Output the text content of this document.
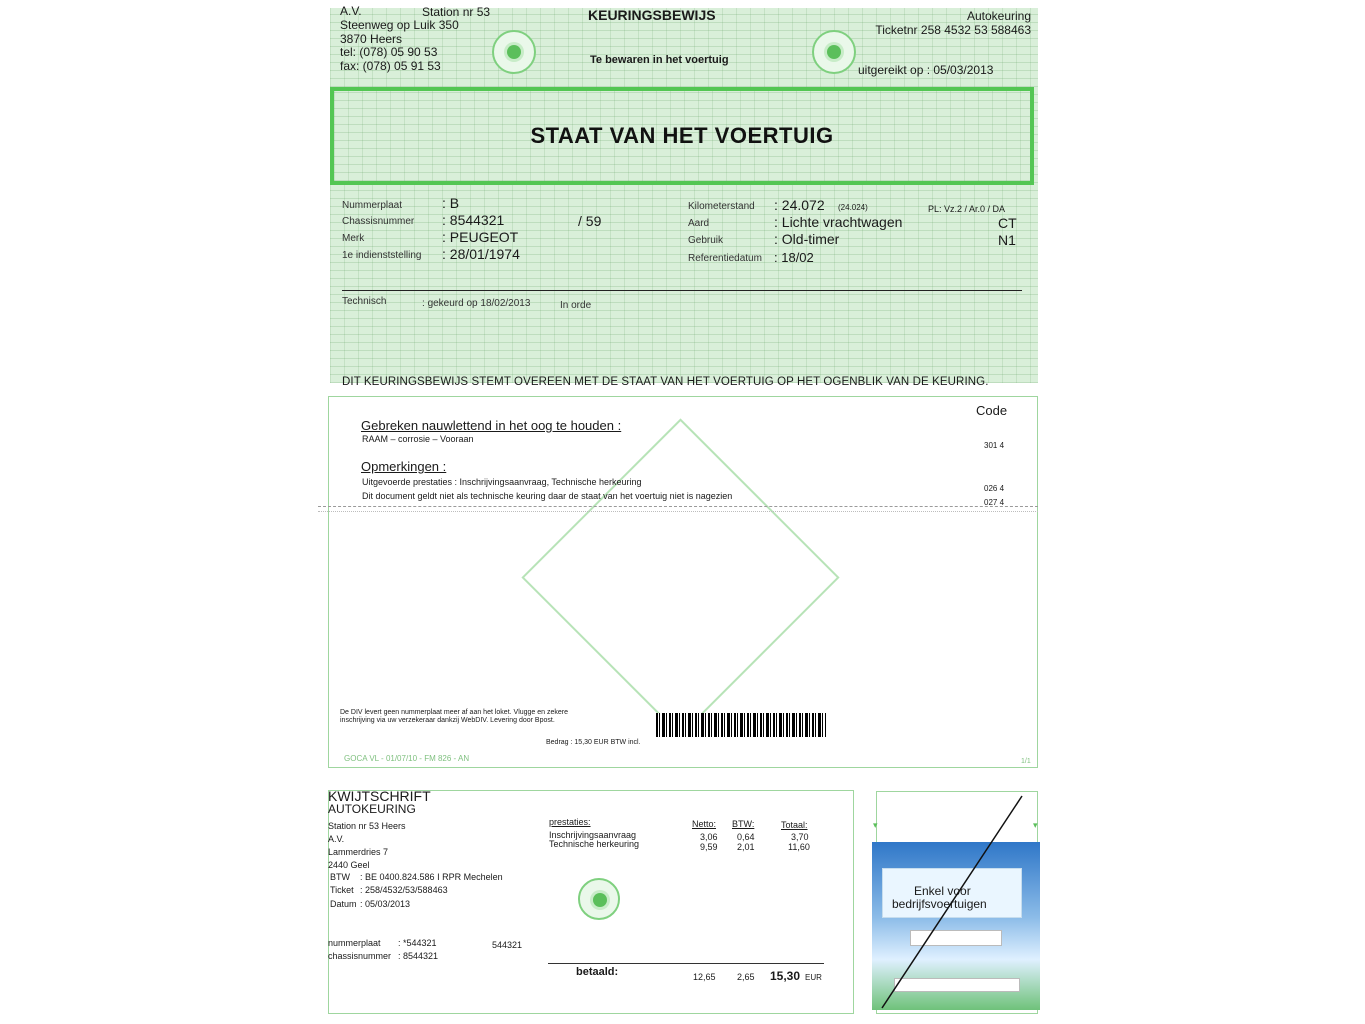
A.V.	Station nr 53
Steenweg op Luik 350
3870 Heers
tel: (078) 05 90 53
fax: (078) 05 91 53
KEURINGSBEWIJS
Te bewaren in het voertuig
Autokeuring
Ticketnr 258 4532 53 588463
uitgereikt op : 05/03/2013
STAAT VAN HET VOERTUIG
Nummerplaat	: B
Chassisnummer : 8544321	/ 59
Merk	: PEUGEOT
1e indienststelling : 28/01/1974
Kilometerstand : 24.072 (24.024)	PL: Vz.2 / Ar.0 / DA
Aard	: Lichte vrachtwagen	CT
Gebruik	: Old-timer	N1
Referentiedatum : 18/02
Technisch	: gekeurd op 18/02/2013	In orde
DIT KEURINGSBEWIJS STEMT OVEREEN MET DE STAAT VAN HET VOERTUIG OP HET OGENBLIK VAN DE KEURING.
Code
Gebreken nauwlettend in het oog te houden :
RAAM – corrosie – Vooraan
301 4
Opmerkingen :
Uitgevoerde prestaties : Inschrijvingsaanvraag, Technische herkeuring
026 4
Dit document geldt niet als technische keuring daar de staat van het voertuig niet is nagezien
027 4
De DIV levert geen nummerplaat meer af aan het loket. Vlugge en zekere
inschrijving via uw verzekeraar dankzij WebDIV. Levering door Bpost.
Bedrag : 15,30 EUR BTW incl.
GOCA VL - 01/07/10 - FM 826 - AN	1/1
KWIJTSCHRIFT
AUTOKEURING
Station nr 53 Heers
A.V.
Lammerdries 7
2440 Geel
BTW : BE 0400.824.586 I RPR Mechelen
Ticket : 258/4532/53/588463
Datum : 05/03/2013
nummerplaat : *544321	544321
chassisnummer : 8544321
prestaties:	Netto: BTW:	Totaal:
Inschrijvingsaanvraag	3,06 0,64	3,70
Technische herkeuring	9,59 2,01	11,60
betaald:	12,65 2,65 15,30 EUR
▾	▾
Enkel voor
bedrijfsvoertuigen
